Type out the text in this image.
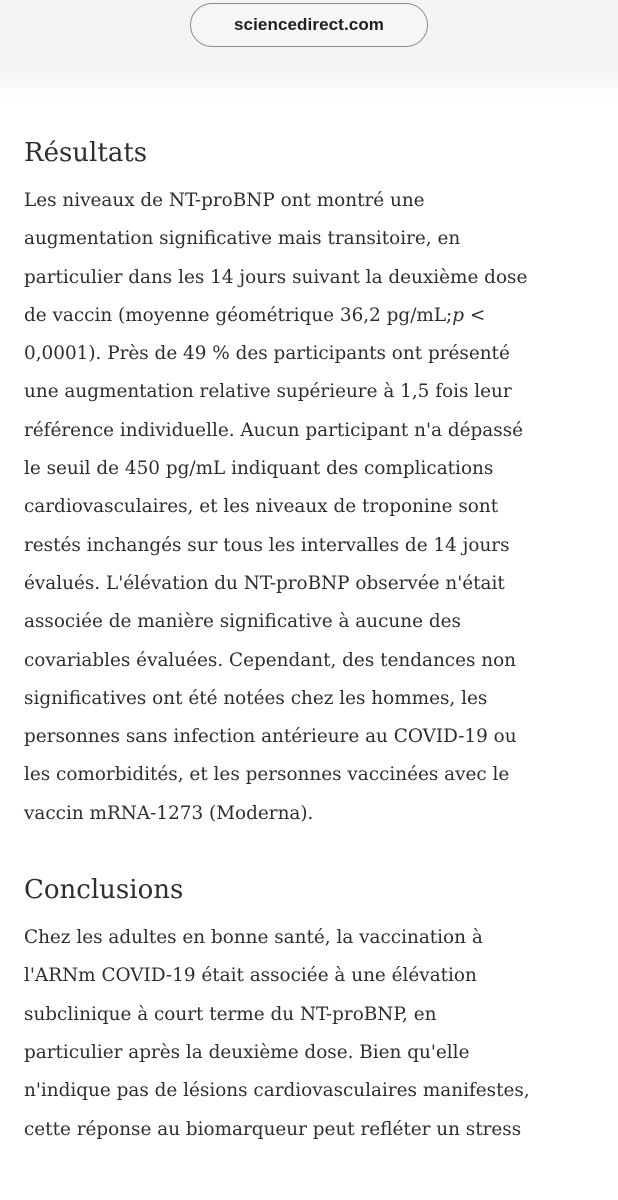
sciencedirect.com
Résultats

Les niveaux de NT-proBNP ont montré une
augmentation significative mais transitoire, en
particulier dans les 14 jours suivant la deuxième dose
de vaccin (moyenne géométrique 36,2 pg/mL;p <
0,0001). Près de 49 % des participants ont présenté
une augmentation relative supérieure à 1,5 fois leur
référence individuelle. Aucun participant n'a dépassé
le seuil de 450 pg/mL indiquant des complications
cardiovasculaires, et les niveaux de troponine sont
restés inchangés sur tous les intervalles de 14 jours
évalués. L'élévation du NT-proBNP observée n'était
associée de manière significative à aucune des
covariables évaluées. Cependant, des tendances non
significatives ont été notées chez les hommes, les
personnes sans infection antérieure au COVID-19 ou
les comorbidités, et les personnes vaccinées avec le
vaccin mRNA-1273 (Moderna).

Conclusions

Chez les adultes en bonne santé, la vaccination à
l'ARNm COVID-19 était associée à une élévation
subclinique à court terme du NT-proBNP, en
particulier après la deuxième dose. Bien qu'elle
n'indique pas de lésions cardiovasculaires manifestes,
cette réponse au biomarqueur peut refléter un stress
